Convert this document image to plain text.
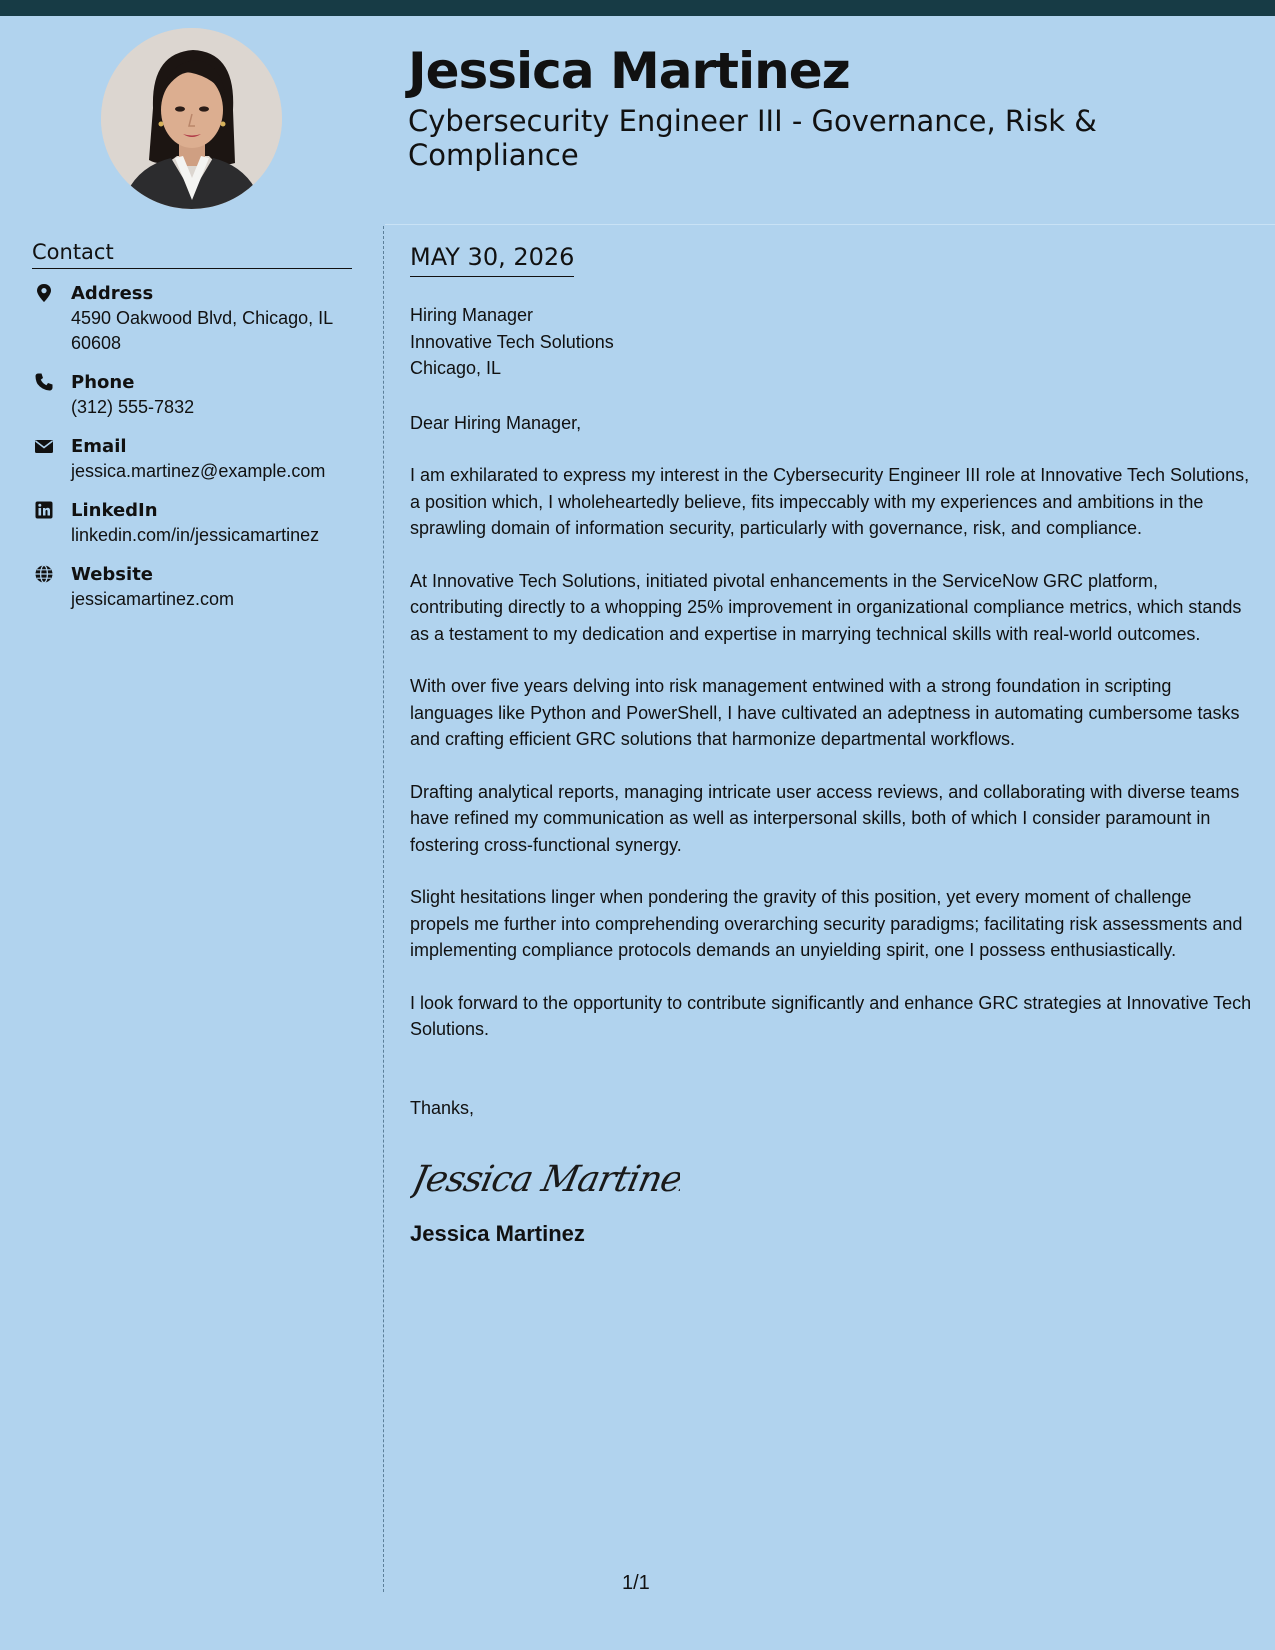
Jessica Martinez
Cybersecurity Engineer III - Governance, Risk & Compliance
Contact
Address
4590 Oakwood Blvd, Chicago, IL 60608
Phone
(312) 555-7832
Email
jessica.martinez@example.com
LinkedIn
linkedin.com/in/jessicamartinez
Website
jessicamartinez.com
MAY 30, 2026
Hiring Manager
Innovative Tech Solutions
Chicago, IL

Dear Hiring Manager,

I am exhilarated to express my interest in the Cybersecurity Engineer III role at Innovative Tech Solutions, a position which, I wholeheartedly believe, fits impeccably with my experiences and ambitions in the sprawling domain of information security, particularly with governance, risk, and compliance.

At Innovative Tech Solutions, initiated pivotal enhancements in the ServiceNow GRC platform, contributing directly to a whopping 25% improvement in organizational compliance metrics, which stands as a testament to my dedication and expertise in marrying technical skills with real-world outcomes.

With over five years delving into risk management entwined with a strong foundation in scripting languages like Python and PowerShell, I have cultivated an adeptness in automating cumbersome tasks and crafting efficient GRC solutions that harmonize departmental workflows.

Drafting analytical reports, managing intricate user access reviews, and collaborating with diverse teams have refined my communication as well as interpersonal skills, both of which I consider paramount in fostering cross-functional synergy.

Slight hesitations linger when pondering the gravity of this position, yet every moment of challenge propels me further into comprehending overarching security paradigms; facilitating risk assessments and implementing compliance protocols demands an unyielding spirit, one I possess enthusiastically.

I look forward to the opportunity to contribute significantly and enhance GRC strategies at Innovative Tech Solutions.

Thanks,
Jessica Martinez
Jessica Martinez
1/1
